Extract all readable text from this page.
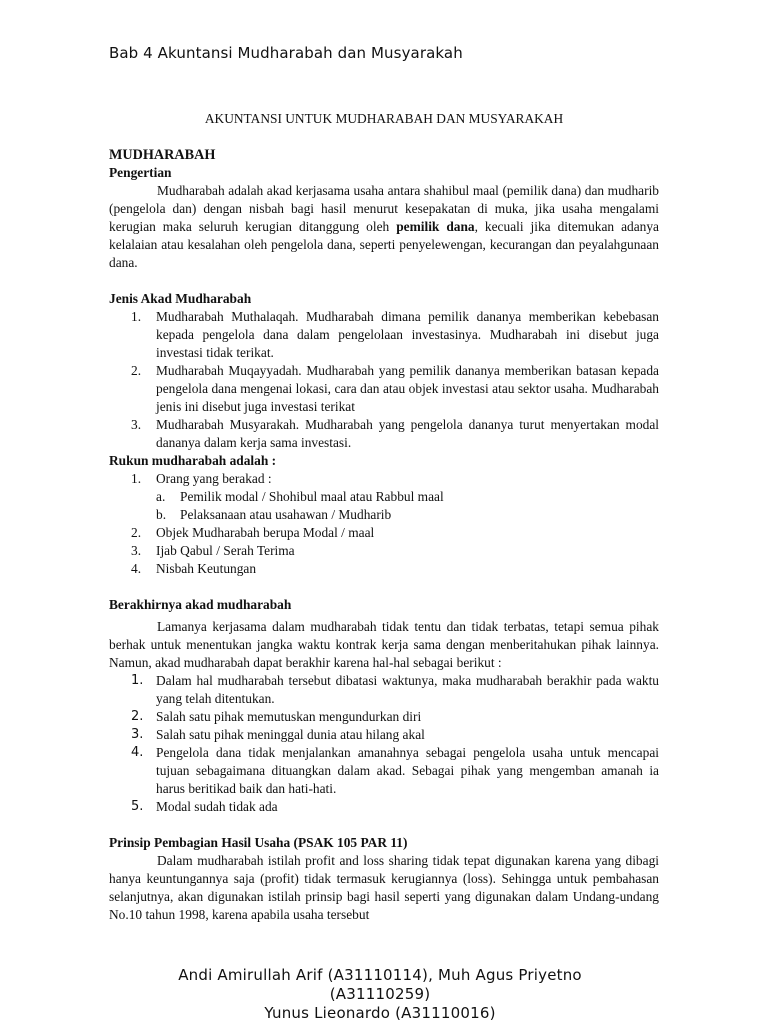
Bab 4 Akuntansi Mudharabah dan Musyarakah
AKUNTANSI UNTUK MUDHARABAH DAN MUSYARAKAH
MUDHARABAH
Pengertian

Mudharabah adalah akad kerjasama usaha antara shahibul maal (pemilik dana) dan mudharib (pengelola dan) dengan nisbah bagi hasil menurut kesepakatan di muka, jika usaha mengalami kerugian maka seluruh kerugian ditanggung oleh pemilik dana, kecuali jika ditemukan adanya kelalaian atau kesalahan oleh pengelola dana, seperti penyelewengan, kecurangan dan peyalahgunaan dana.

Jenis Akad Mudharabah
1.	Mudharabah Muthalaqah. Mudharabah dimana pemilik dananya memberikan kebebasan kepada pengelola dana dalam pengelolaan investasinya. Mudharabah ini disebut juga investasi tidak terikat.
2.	Mudharabah Muqayyadah. Mudharabah yang pemilik dananya memberikan batasan kepada pengelola dana mengenai lokasi, cara dan atau objek investasi atau sektor usaha. Mudharabah jenis ini disebut juga investasi terikat
3.	Mudharabah Musyarakah. Mudharabah yang pengelola dananya turut menyertakan modal dananya dalam kerja sama investasi.
Rukun mudharabah adalah :
1.	Orang yang berakad :
a.	Pemilik modal / Shohibul maal atau Rabbul maal
b.	Pelaksanaan atau usahawan / Mudharib
2.	Objek Mudharabah berupa Modal / maal
3.	Ijab Qabul / Serah Terima
4.	Nisbah Keutungan
Berakhirnya akad mudharabah

Lamanya kerjasama dalam mudharabah tidak tentu dan tidak terbatas, tetapi semua pihak berhak untuk menentukan jangka waktu kontrak kerja sama dengan menberitahukan pihak lainnya. Namun, akad mudharabah dapat berakhir karena hal-hal sebagai berikut :

1. Dalam hal mudharabah tersebut dibatasi waktunya, maka mudharabah berakhir pada waktu yang telah ditentukan.
2. Salah satu pihak memutuskan mengundurkan diri
3. Salah satu pihak meninggal dunia atau hilang akal
4. Pengelola dana tidak menjalankan amanahnya sebagai pengelola usaha untuk mencapai tujuan sebagaimana dituangkan dalam akad. Sebagai pihak yang mengemban amanah ia harus beritikad baik dan hati-hati.
5. Modal sudah tidak ada
Prinsip Pembagian Hasil Usaha (PSAK 105 PAR 11)

Dalam mudharabah istilah profit and loss sharing tidak tepat digunakan karena yang dibagi hanya keuntungannya saja (profit) tidak termasuk kerugiannya (loss). Sehingga untuk pembahasan selanjutnya, akan digunakan istilah prinsip bagi hasil seperti yang digunakan dalam Undang-undang No.10 tahun 1998, karena apabila usaha tersebut

Andi Amirullah Arif (A31110114), Muh Agus Priyetno
(A31110259)
Yunus Lieonardo (A31110016)
